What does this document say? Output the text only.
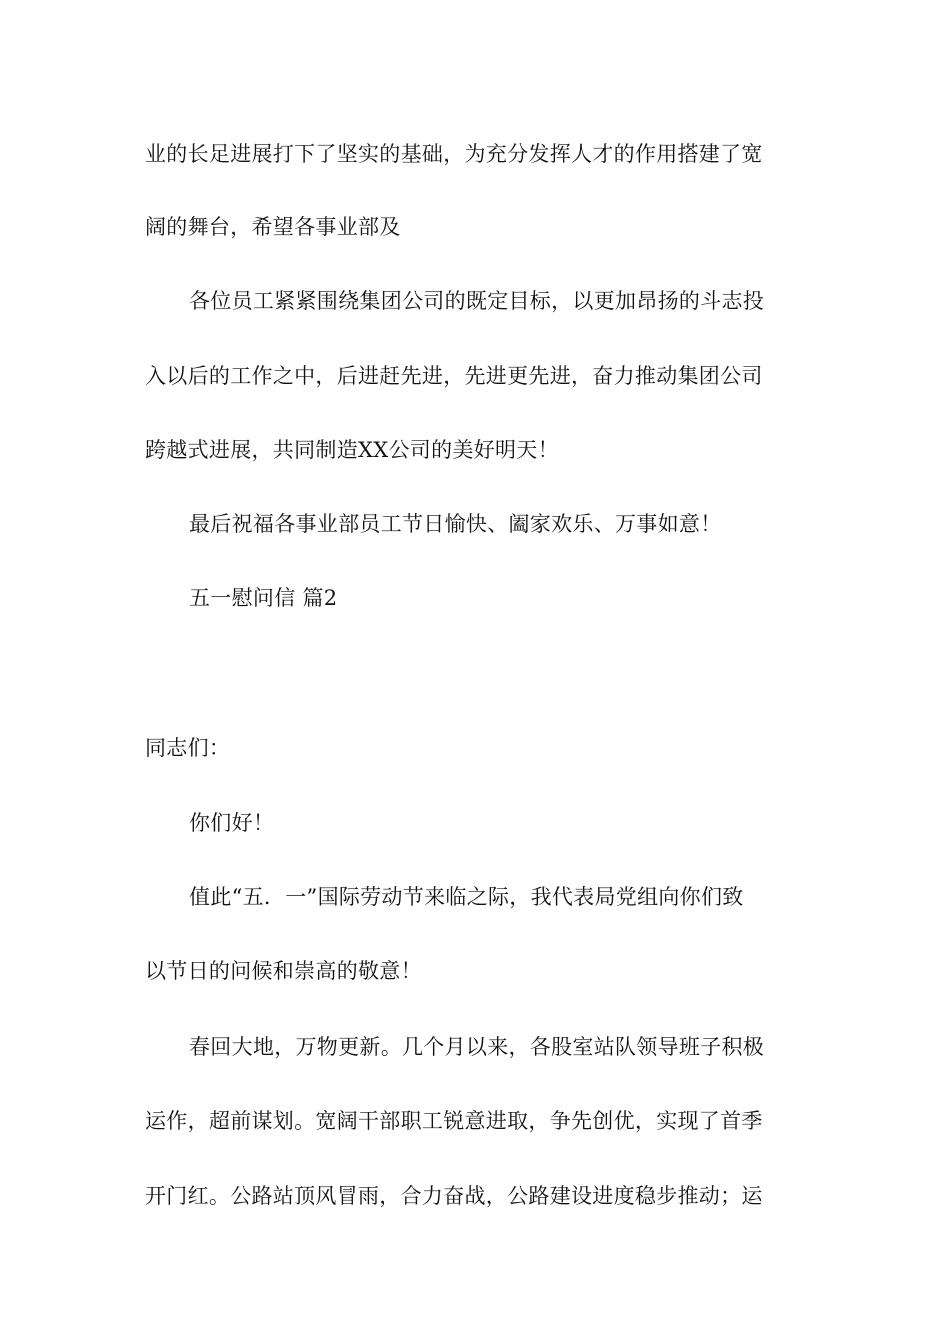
业的长足进展打下了坚实的基础，为充分发挥人才的作用搭建了宽
阔的舞台，希望各事业部及
各位员工紧紧围绕集团公司的既定目标，以更加昂扬的斗志投
入以后的工作之中，后进赶先进，先进更先进，奋力推动集团公司
跨越式进展，共同制造XX公司的美好明天！
最后祝福各事业部员工节日愉快、阖家欢乐、万事如意！
五一慰问信 篇2
同志们：
你们好！
值此“五．一”国际劳动节来临之际，我代表局党组向你们致
以节日的问候和崇高的敬意！
春回大地，万物更新。几个月以来，各股室站队领导班子积极
运作，超前谋划。宽阔干部职工锐意进取，争先创优，实现了首季
开门红。公路站顶风冒雨，合力奋战，公路建设进度稳步推动；运
